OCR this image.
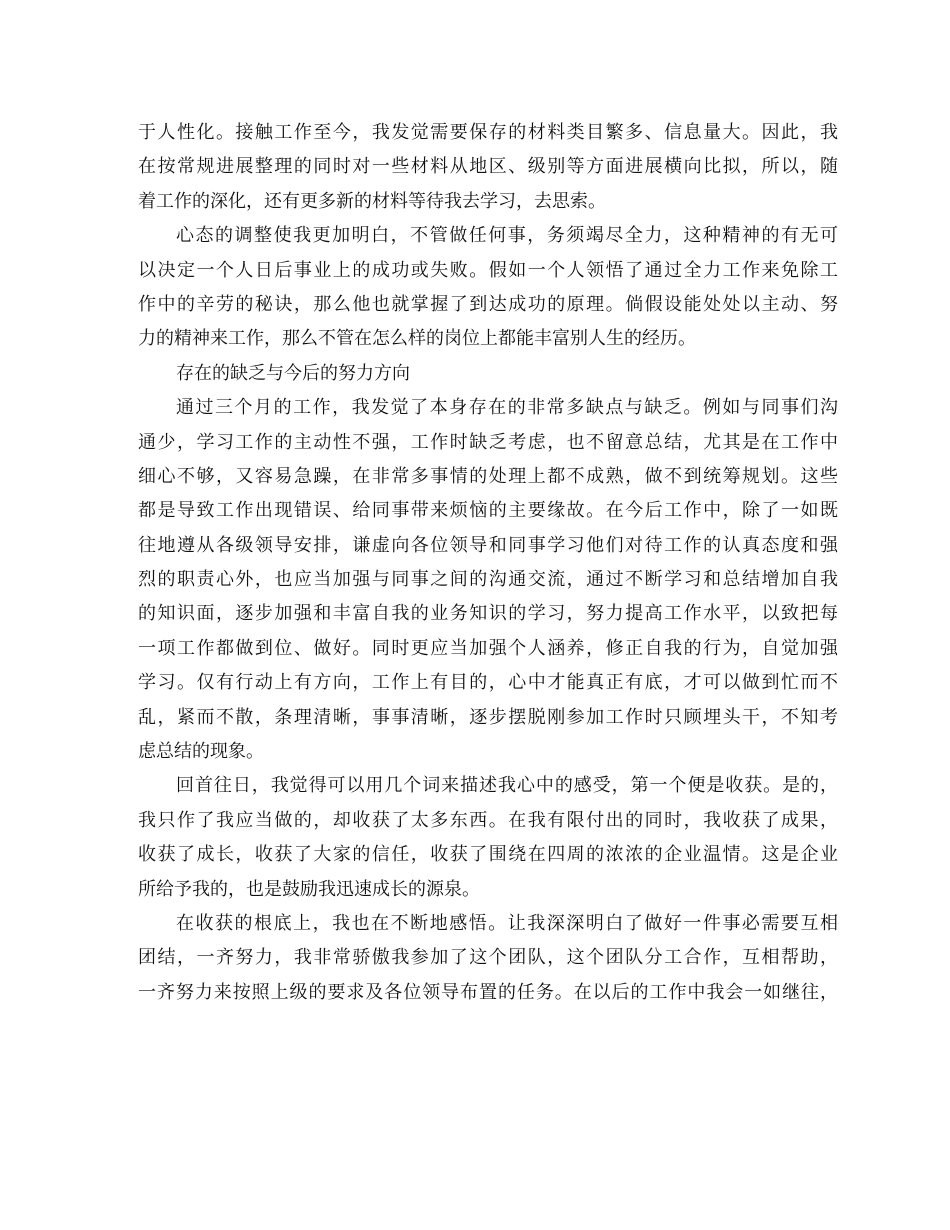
于人性化。接触工作至今，我发觉需要保存的材料类目繁多、信息量大。因此，我
在按常规进展整理的同时对一些材料从地区、级别等方面进展横向比拟，所以，随
着工作的深化，还有更多新的材料等待我去学习，去思索。
心态的调整使我更加明白，不管做任何事，务须竭尽全力，这种精神的有无可
以决定一个人日后事业上的成功或失败。假如一个人领悟了通过全力工作来免除工
作中的辛劳的秘诀，那么他也就掌握了到达成功的原理。倘假设能处处以主动、努
力的精神来工作，那么不管在怎么样的岗位上都能丰富别人生的经历。
存在的缺乏与今后的努力方向
通过三个月的工作，我发觉了本身存在的非常多缺点与缺乏。例如与同事们沟
通少，学习工作的主动性不强，工作时缺乏考虑，也不留意总结，尤其是在工作中
细心不够，又容易急躁，在非常多事情的处理上都不成熟，做不到统筹规划。这些
都是导致工作出现错误、给同事带来烦恼的主要缘故。在今后工作中，除了一如既
往地遵从各级领导安排，谦虚向各位领导和同事学习他们对待工作的认真态度和强
烈的职责心外，也应当加强与同事之间的沟通交流，通过不断学习和总结增加自我
的知识面，逐步加强和丰富自我的业务知识的学习，努力提高工作水平，以致把每
一项工作都做到位、做好。同时更应当加强个人涵养，修正自我的行为，自觉加强
学习。仅有行动上有方向，工作上有目的，心中才能真正有底，才可以做到忙而不
乱，紧而不散，条理清晰，事事清晰，逐步摆脱刚参加工作时只顾埋头干，不知考
虑总结的现象。
回首往日，我觉得可以用几个词来描述我心中的感受，第一个便是收获。是的，
我只作了我应当做的，却收获了太多东西。在我有限付出的同时，我收获了成果，
收获了成长，收获了大家的信任，收获了围绕在四周的浓浓的企业温情。这是企业
所给予我的，也是鼓励我迅速成长的源泉。
在收获的根底上，我也在不断地感悟。让我深深明白了做好一件事必需要互相
团结，一齐努力，我非常骄傲我参加了这个团队，这个团队分工合作，互相帮助，
一齐努力来按照上级的要求及各位领导布置的任务。在以后的工作中我会一如继往，
